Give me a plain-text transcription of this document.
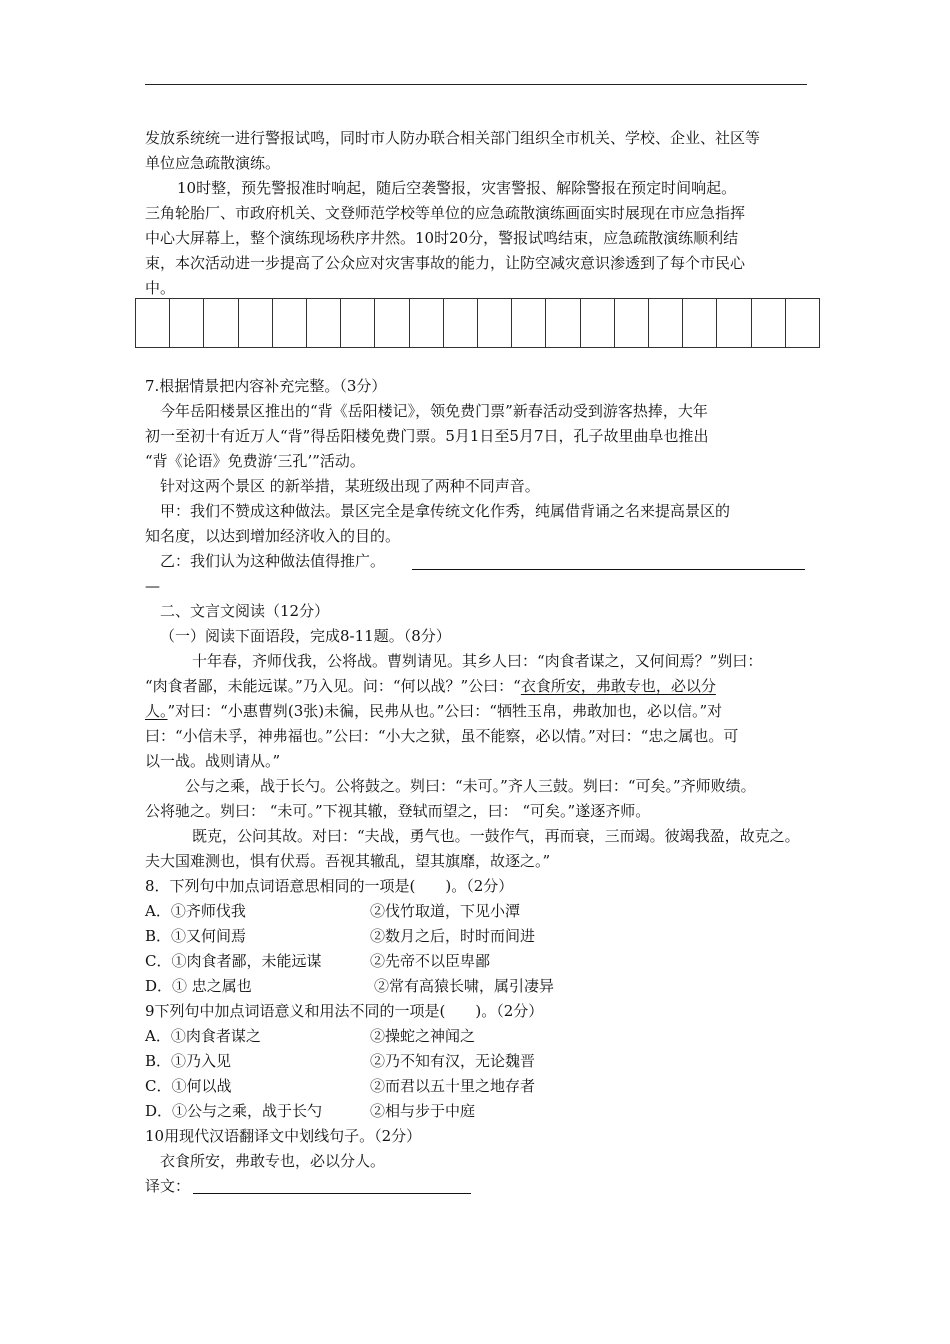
发放系统统一进行警报试鸣，同时市人防办联合相关部门组织全市机关、学校、企业、社区等
单位应急疏散演练。
10时整，预先警报准时响起，随后空袭警报，灾害警报、解除警报在预定时间响起。
三角轮胎厂、市政府机关、文登师范学校等单位的应急疏散演练画面实时展现在市应急指挥
中心大屏幕上，整个演练现场秩序井然。10时20分，警报试鸣结束，应急疏散演练顺利结
束，本次活动进一步提高了公众应对灾害事故的能力，让防空减灾意识渗透到了每个市民心
中。
7.根据情景把内容补充完整。（3分）
今年岳阳楼景区推出的“背《岳阳楼记》，领免费门票”新春活动受到游客热捧，大年
初一至初十有近万人“背”得岳阳楼免费门票。5月1日至5月7日，孔子故里曲阜也推出
“背《论语》免费游‘三孔’”活动。
针对这两个景区 的新举措，某班级出现了两种不同声音。
甲：我们不赞成这种做法。景区完全是拿传统文化作秀，纯属借背诵之名来提高景区的
知名度，以达到增加经济收入的目的。
乙：我们认为这种做法值得推广。
—
二、文言文阅读（12分）
（一）阅读下面语段，完成8-11题。（8分）
十年春，齐师伐我，公将战。曹刿请见。其乡人曰：“肉食者谋之，又何间焉？”刿曰：
“肉食者鄙，未能远谋。”乃入见。问：“何以战？”公曰：“衣食所安，弗敢专也，必以分
人。”对曰：“小惠曹刿(3张)未徧，民弗从也。”公曰：“牺牲玉帛，弗敢加也，必以信。”对
曰：“小信未孚，神弗福也。”公曰：“小大之狱，虽不能察，必以情。”对曰：“忠之属也。可
以一战。战则请从。”
公与之乘，战于长勺。公将鼓之。刿曰：“未可。”齐人三鼓。刿曰：“可矣。”齐师败绩。
公将驰之。刿曰： “未可。”下视其辙，登轼而望之，曰： “可矣。”遂逐齐师。
既克，公问其故。对曰：“夫战，勇气也。一鼓作气，再而衰，三而竭。彼竭我盈，故克之。
夫大国难测也，惧有伏焉。吾视其辙乱，望其旗靡，故逐之。”
8．下列句中加点词语意思相同的一项是(　　)。（2分）
A．①齐师伐我	②伐竹取道，下见小潭
B．①又何间焉	②数月之后，时时而间进
C．①肉食者鄙，未能远谋	②先帝不以臣卑鄙
D．① 忠之属也	②常有高猿长啸，属引凄异
9下列句中加点词语意义和用法不同的一项是(　　)。（2分）
A．①肉食者谋之	②操蛇之神闻之
B．①乃入见	②乃不知有汉，无论魏晋
C．①何以战	②而君以五十里之地存者
D．①公与之乘，战于长勺	②相与步于中庭
10用现代汉语翻译文中划线句子。（2分）
衣食所安，弗敢专也，必以分人。
译文：
